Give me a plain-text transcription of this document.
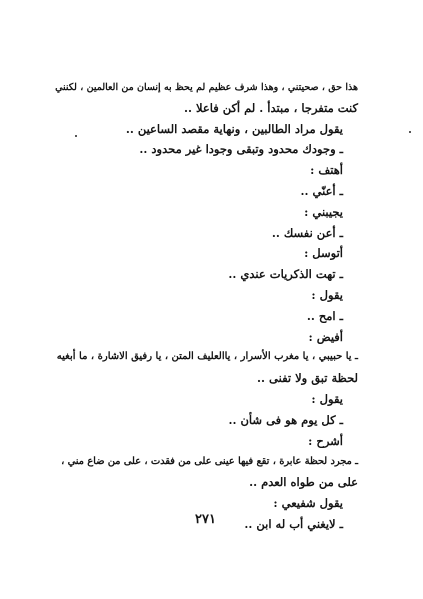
هذا حق ، صحيتني ، وهذا شرف عظيم لم يحظ به إنسان من العالمين ، لكنني
كنت متفرجا ، مبتدأ . لم أكن فاعلا ..
يقول مراد الطالبين ، ونهاية مقصد الساعين ..
ـ وجودك محدود وتبقى وجودا غير محدود ..
أهتف :
ـ أعنّي ..
يجيبني :
ـ أعن نفسك ..
أتوسل :
ـ تهت الذكريات عندي ..
يقول :
ـ امح ..
أفيض :
ـ يا حبيبي ، يا مغرب الأسرار ، ياالعليف المتن ، يا رفيق الاشارة ، ما أبغيه
لحظة تبق ولا تفنى ..
يقول :
ـ كل يوم هو فى شأن ..
أشرح :
ـ مجرد لحظة عابرة ، تقع فيها عينى على من فقدت ، على من ضاع مني ،
على من طواه العدم ..
يقول شفيعي :
ـ لايغني أب له ابن ..
٢٧١
